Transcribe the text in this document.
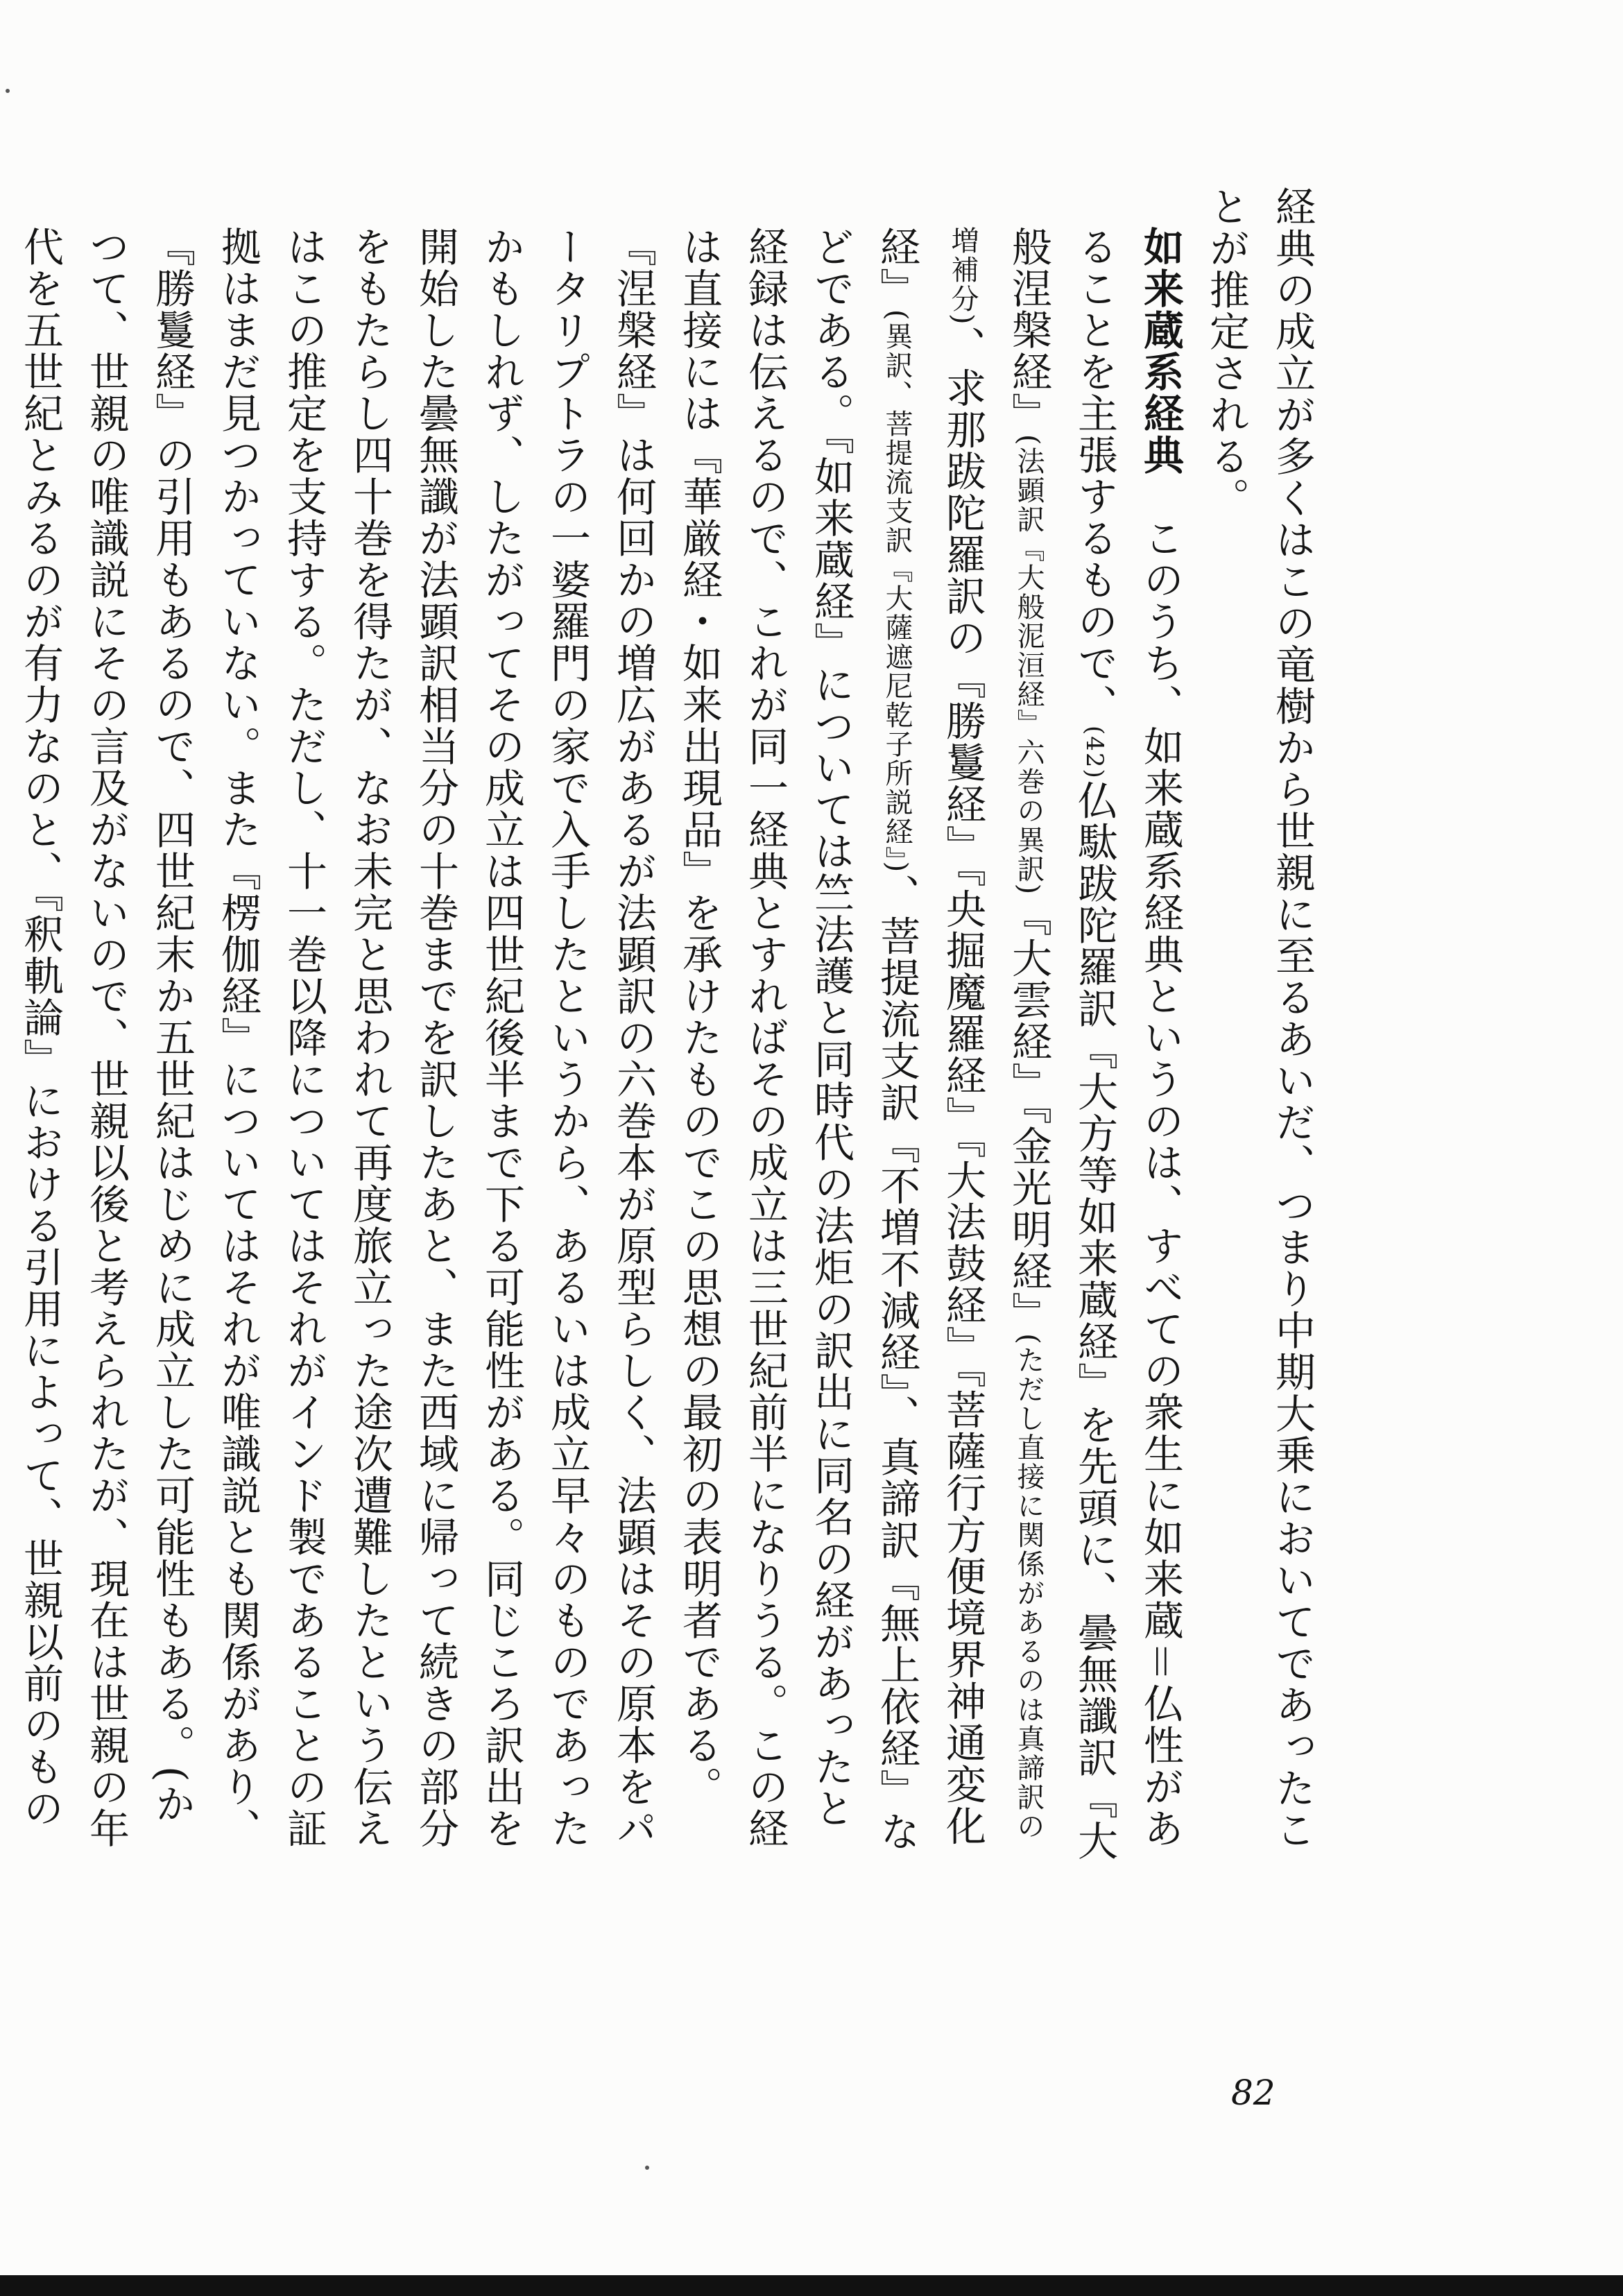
経典の成立が多くはこの竜樹から世親に至るあいだ、つまり中期大乗においてであったことが推定される。

如来蔵系経典　このうち、如来蔵系経典というのは、すべての衆生に如来蔵＝仏性があることを主張するもので、(42)仏駄跋陀羅訳『大方等如来蔵経』を先頭に、曇無讖訳『大般涅槃経』(法顕訳『大般泥洹経』六巻の異訳)『大雲経』『金光明経』(ただし直接に関係があるのは真諦訳の増補分)、求那跋陀羅訳の『勝鬘経』『央掘魔羅経』『大法鼓経』『菩薩行方便境界神通変化経』(異訳、菩提流支訳『大薩遮尼乾子所説経』)、菩提流支訳『不増不減経』、真諦訳『無上依経』などである。『如来蔵経』については竺法護と同時代の法炬の訳出に同名の経があったと経録は伝えるので、これが同一経典とすればその成立は三世紀前半になりうる。この経は直接には『華厳経・如来出現品』を承けたものでこの思想の最初の表明者である。

『涅槃経』は何回かの増広があるが法顕訳の六巻本が原型らしく、法顕はその原本をパータリプトラの一婆羅門の家で入手したというから、あるいは成立早々のものであったかもしれず、したがってその成立は四世紀後半まで下る可能性がある。同じころ訳出を開始した曇無讖が法顕訳相当分の十巻までを訳したあと、また西域に帰って続きの部分をもたらし四十巻を得たが、なお未完と思われて再度旅立った途次遭難したという伝えはこの推定を支持する。ただし、十一巻以降についてはそれがインド製であることの証拠はまだ見つかっていない。また『楞伽経』についてはそれが唯識説とも関係があり、『勝鬘経』の引用もあるので、四世紀末か五世紀はじめに成立した可能性もある。(かつて、世親の唯識説にその言及がないので、世親以後と考えられたが、現在は世親の年代を五世紀とみるのが有力なのと、『釈軌論』における引用によって、世親以前のもの

82
